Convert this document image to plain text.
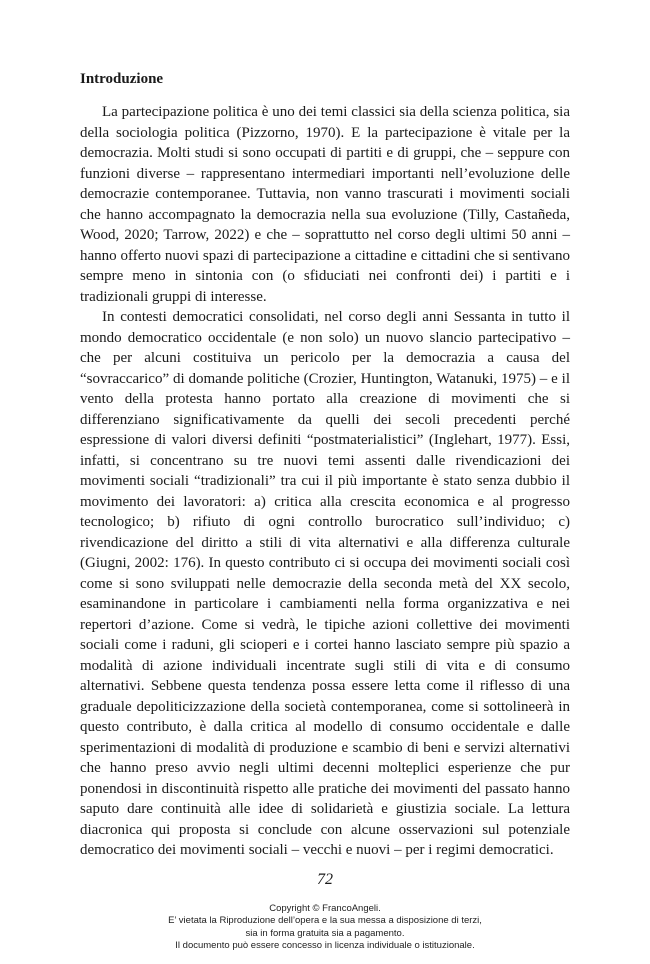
Introduzione

La partecipazione politica è uno dei temi classici sia della scienza politica, sia della sociologia politica (Pizzorno, 1970). E la partecipazione è vitale per la democrazia. Molti studi si sono occupati di partiti e di gruppi, che – seppure con funzioni diverse – rappresentano intermediari importanti nell’evoluzione delle democrazie contemporanee. Tuttavia, non vanno trascurati i movimenti sociali che hanno accompagnato la democrazia nella sua evoluzione (Tilly, Castañeda, Wood, 2020; Tarrow, 2022) e che – soprattutto nel corso degli ultimi 50 anni – hanno offerto nuovi spazi di partecipazione a cittadine e cittadini che si sentivano sempre meno in sintonia con (o sfiduciati nei confronti dei) i partiti e i tradizionali gruppi di interesse.

In contesti democratici consolidati, nel corso degli anni Sessanta in tutto il mondo democratico occidentale (e non solo) un nuovo slancio partecipativo – che per alcuni costituiva un pericolo per la democrazia a causa del “sovraccarico” di domande politiche (Crozier, Huntington, Watanuki, 1975) – e il vento della protesta hanno portato alla creazione di movimenti che si differenziano significativamente da quelli dei secoli precedenti perché espressione di valori diversi definiti “postmaterialistici” (Inglehart, 1977). Essi, infatti, si concentrano su tre nuovi temi assenti dalle rivendicazioni dei movimenti sociali “tradizionali” tra cui il più importante è stato senza dubbio il movimento dei lavoratori: a) critica alla crescita economica e al progresso tecnologico; b) rifiuto di ogni controllo burocratico sull’individuo; c) rivendicazione del diritto a stili di vita alternativi e alla differenza culturale (Giugni, 2002: 176). In questo contributo ci si occupa dei movimenti sociali così come si sono sviluppati nelle democrazie della seconda metà del XX secolo, esaminandone in particolare i cambiamenti nella forma organizzativa e nei repertori d’azione. Come si vedrà, le tipiche azioni collettive dei movimenti sociali come i raduni, gli scioperi e i cortei hanno lasciato sempre più spazio a modalità di azione individuali incentrate sugli stili di vita e di consumo alternativi. Sebbene questa tendenza possa essere letta come il riflesso di una graduale depoliticizzazione della società contemporanea, come si sottolineerà in questo contributo, è dalla critica al modello di consumo occidentale e dalle sperimentazioni di modalità di produzione e scambio di beni e servizi alternativi che hanno preso avvio negli ultimi decenni molteplici esperienze che pur ponendosi in discontinuità rispetto alle pratiche dei movimenti del passato hanno saputo dare continuità alle idee di solidarietà e giustizia sociale. La lettura diacronica qui proposta si conclude con alcune osservazioni sul potenziale democratico dei movimenti sociali – vecchi e nuovi – per i regimi democratici.

72
Copyright © FrancoAngeli.
E’ vietata la Riproduzione dell’opera e la sua messa a disposizione di terzi,
sia in forma gratuita sia a pagamento.
Il documento può essere concesso in licenza individuale o istituzionale.
